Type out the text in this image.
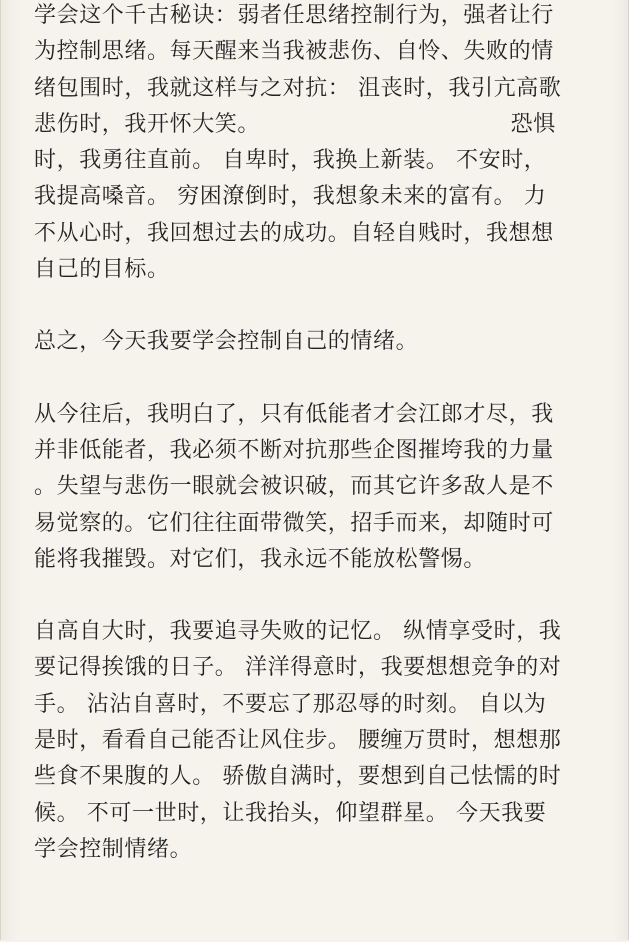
学会这个千古秘诀：弱者任思绪控制行为，强者让行
为控制思绪。每天醒来当我被悲伤、自怜、失败的情
绪包围时，我就这样与之对抗： 沮丧时，我引亢高歌
悲伤时，我开怀大笑。                                 恐惧
时，我勇往直前。 自卑时，我换上新装。 不安时，
我提高嗓音。 穷困潦倒时，我想象未来的富有。 力
不从心时，我回想过去的成功。自轻自贱时，我想想
自己的目标。
总之，今天我要学会控制自己的情绪。
从今往后，我明白了，只有低能者才会江郎才尽，我
并非低能者，我必须不断对抗那些企图摧垮我的力量
。失望与悲伤一眼就会被识破，而其它许多敌人是不
易觉察的。它们往往面带微笑，招手而来，却随时可
能将我摧毁。对它们，我永远不能放松警惕。
自高自大时，我要追寻失败的记忆。 纵情享受时，我
要记得挨饿的日子。 洋洋得意时，我要想想竞争的对
手。 沾沾自喜时，不要忘了那忍辱的时刻。 自以为
是时，看看自己能否让风住步。 腰缠万贯时，想想那
些食不果腹的人。 骄傲自满时，要想到自己怯懦的时
候。 不可一世时，让我抬头，仰望群星。 今天我要
学会控制情绪。
